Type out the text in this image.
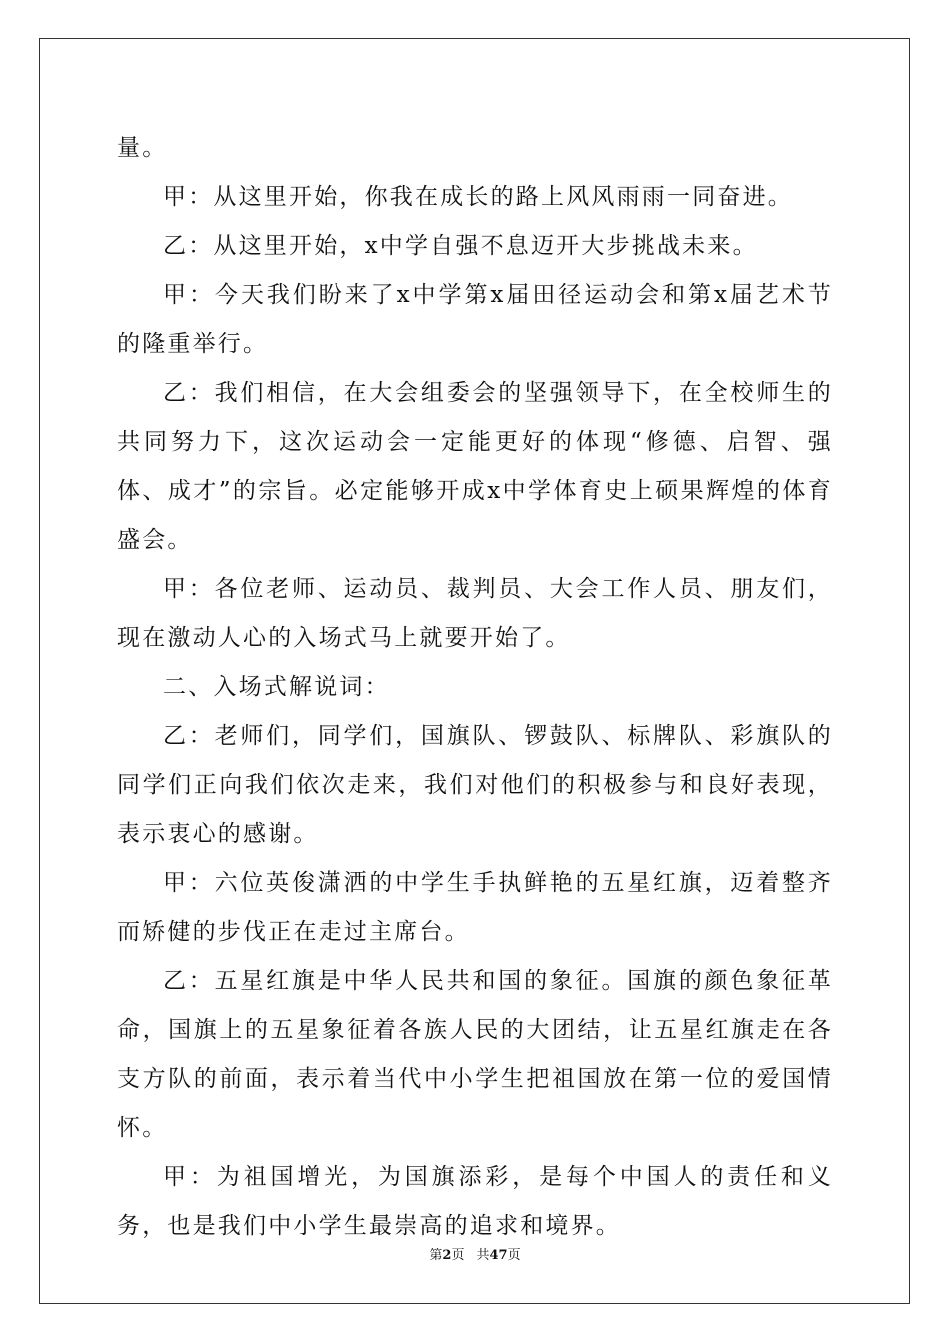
量。

甲：从这里开始，你我在成长的路上风风雨雨一同奋进。

乙：从这里开始，x中学自强不息迈开大步挑战未来。

甲：今天我们盼来了x中学第x届田径运动会和第x届艺术节的隆重举行。

乙：我们相信，在大会组委会的坚强领导下，在全校师生的共同努力下，这次运动会一定能更好的体现“修德、启智、强体、成才”的宗旨。必定能够开成x中学体育史上硕果辉煌的体育盛会。

甲：各位老师、运动员、裁判员、大会工作人员、朋友们，现在激动人心的入场式马上就要开始了。

二、入场式解说词：

乙：老师们，同学们，国旗队、锣鼓队、标牌队、彩旗队的同学们正向我们依次走来，我们对他们的积极参与和良好表现，表示衷心的感谢。

甲：六位英俊潇洒的中学生手执鲜艳的五星红旗，迈着整齐而矫健的步伐正在走过主席台。

乙：五星红旗是中华人民共和国的象征。国旗的颜色象征革命，国旗上的五星象征着各族人民的大团结，让五星红旗走在各支方队的前面，表示着当代中小学生把祖国放在第一位的爱国情怀。

甲：为祖国增光，为国旗添彩，是每个中国人的责任和义务，也是我们中小学生最崇高的追求和境界。

第2页 共47页
